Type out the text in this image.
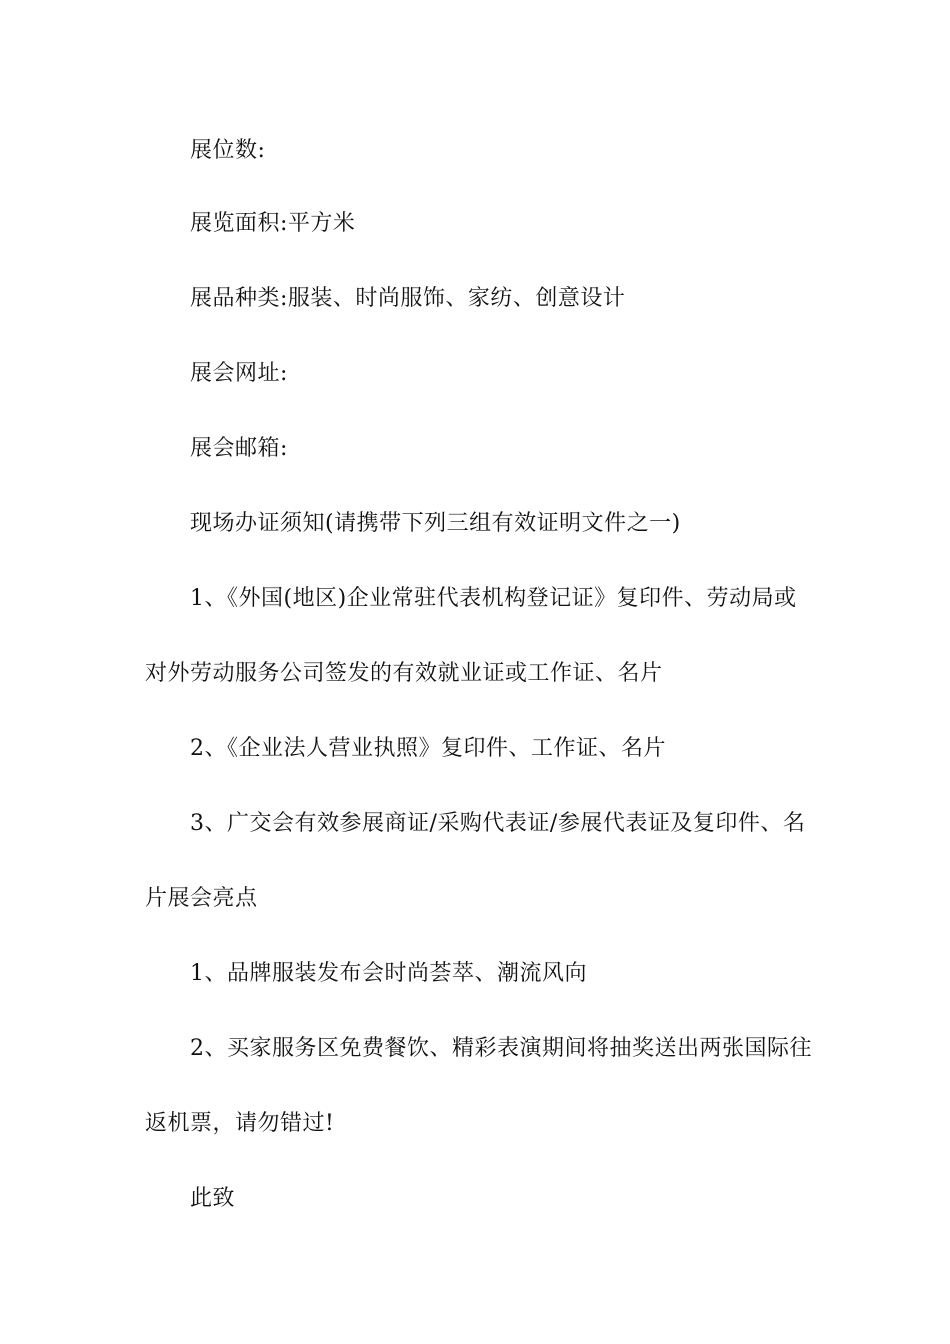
展位数:
展览面积:平方米
展品种类:服装、时尚服饰、家纺、创意设计
展会网址:
展会邮箱:
现场办证须知(请携带下列三组有效证明文件之一)
1、《外国(地区)企业常驻代表机构登记证》复印件、劳动局或
对外劳动服务公司签发的有效就业证或工作证、名片
2、《企业法人营业执照》复印件、工作证、名片
3、广交会有效参展商证/采购代表证/参展代表证及复印件、名
片展会亮点
1、品牌服装发布会时尚荟萃、潮流风向
2、买家服务区免费餐饮、精彩表演期间将抽奖送出两张国际往
返机票，请勿错过!
此致
